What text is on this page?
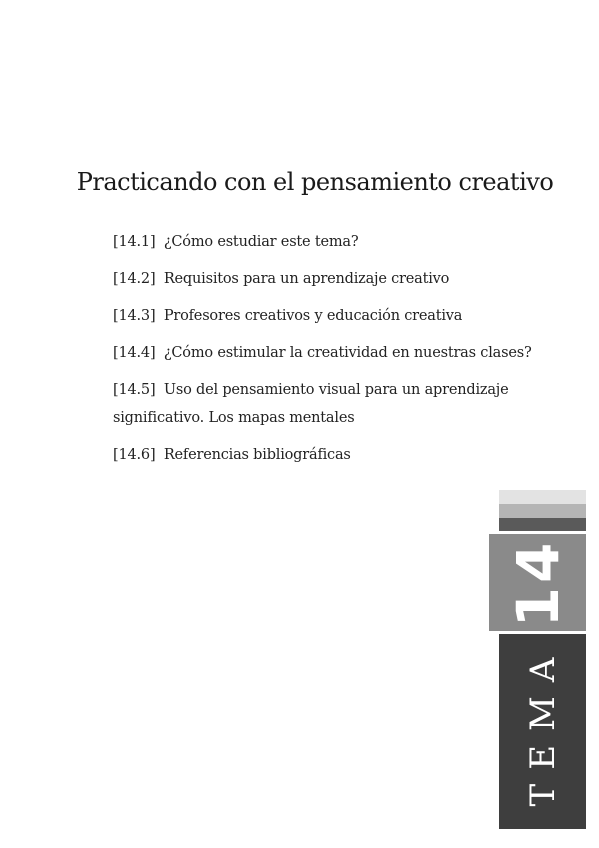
Practicando con el pensamiento creativo
[14.1] ¿Cómo estudiar este tema?
[14.2] Requisitos para un aprendizaje creativo
[14.3] Profesores creativos y educación creativa
[14.4] ¿Cómo estimular la creatividad en nuestras clases?
[14.5] Uso del pensamiento visual para un aprendizaje significativo. Los mapas mentales
[14.6] Referencias bibliográficas
14
TEMA
